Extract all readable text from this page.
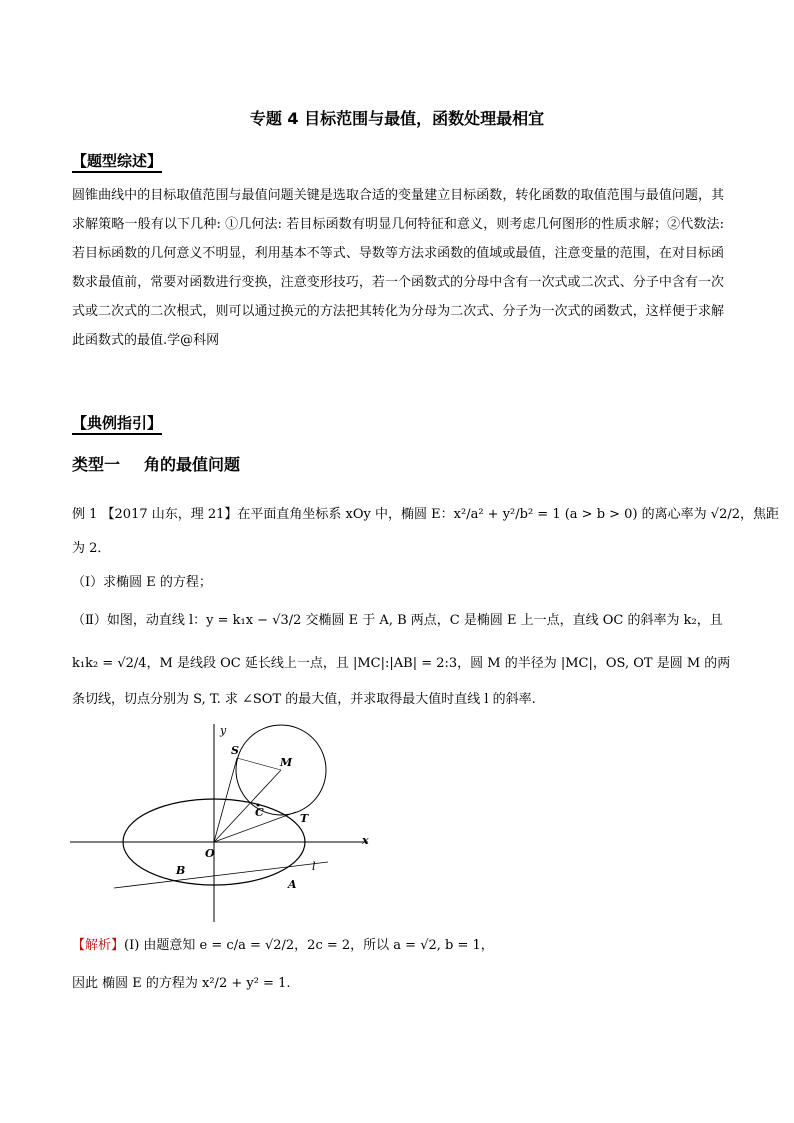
专题 4 目标范围与最值，函数处理最相宜
【题型综述】
圆锥曲线中的目标取值范围与最值问题关键是选取合适的变量建立目标函数，转化函数的取值范围与最值问题，其求解策略一般有以下几种: ①几何法: 若目标函数有明显几何特征和意义，则考虑几何图形的性质求解；②代数法: 若目标函数的几何意义不明显，利用基本不等式、导数等方法求函数的值域或最值，注意变量的范围，在对目标函数求最值前，常要对函数进行变换，注意变形技巧，若一个函数式的分母中含有一次式或二次式、分子中含有一次式或二次式的二次根式，则可以通过换元的方法把其转化为分母为二次式、分子为一次式的函数式，这样便于求解此函数式的最值.学@科网
【典例指引】
类型一 角的最值问题
例 1 【2017 山东，理 21】在平面直角坐标系 xOy 中，椭圆 E：x²/a² + y²/b² = 1 (a > b > 0) 的离心率为 √2/2，焦距
为 2．
（Ⅰ）求椭圆 E 的方程；
（Ⅱ）如图，动直线 l：y = k₁x − √3/2 交椭圆 E 于 A, B 两点，C 是椭圆 E 上一点，直线 OC 的斜率为 k₂，且
k₁k₂ = √2/4，M 是线段 OC 延长线上一点，且 |MC|:|AB| = 2:3，圆 M 的半径为 |MC|，OS, OT 是圆 M 的两
条切线，切点分别为 S, T. 求 ∠SOT 的最大值，并求取得最大值时直线 l 的斜率.
y
x
O
S
M
C	T
A
B	l
【解析】(I) 由题意知 e = c/a = √2/2，2c = 2，所以 a = √2, b = 1，
因此 椭圆 E 的方程为 x²/2 + y² = 1.
